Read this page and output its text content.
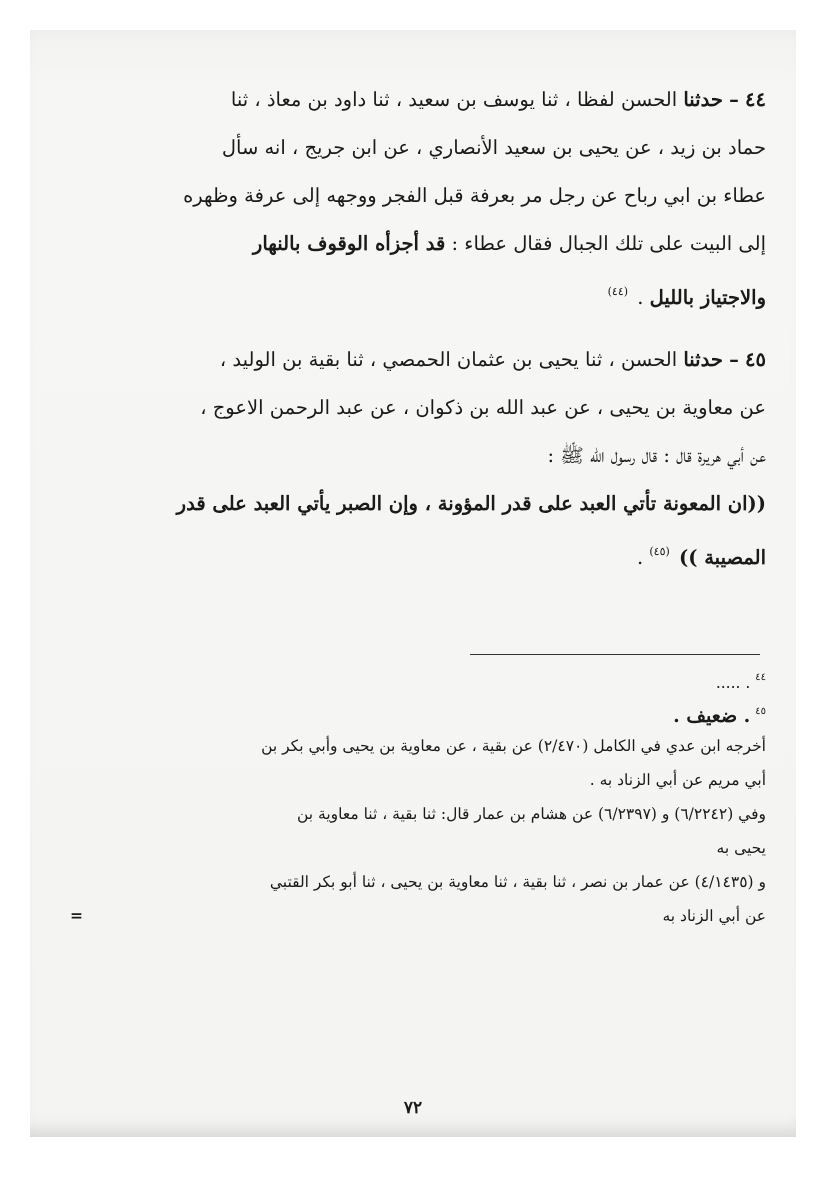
٤٤ – حدثنا الحسن لفظا ، ثنا يوسف بن سعيد ، ثنا داود بن معاذ ، ثنا
حماد بن زيد ، عن يحيى بن سعيد الأنصاري ، عن ابن جريج ، انه سأل
عطاء بن ابي رباح عن رجل مر بعرفة قبل الفجر ووجهه إلى عرفة وظهره
إلى البيت على تلك الجبال فقال عطاء : قد أجزأه الوقوف بالنهار
والاجتياز بالليل . $^{(٤٤)}$
٤٥ – حدثنا الحسن ، ثنا يحيى بن عثمان الحمصي ، ثنا بقية بن الوليد ،
عن معاوية بن يحيى ، عن عبد الله بن ذكوان ، عن عبد الرحمن الاعوج ،
عن أبي هريرة قال : قال رسول الله ﷺ :
((ان المعونة تأتي العبد على قدر المؤونة ، وإن الصبر يأتي العبد على قدر
المصيبة )) $^{(٤٥)}$ .
$^{٤٤}$ . .....
$^{٤٥}$ . ضعيف .
أخرجه ابن عدي في الكامل (٢/٤٧٠) عن بقية ، عن معاوية بن يحيى وأبي بكر بن
أبي مريم عن أبي الزناد به .
وفي (٦/٢٢٤٢) و (٦/٢٣٩٧) عن هشام بن عمار قال: ثنا بقية ، ثنا معاوية بن
يحيى به
و (٤/١٤٣٥) عن عمار بن نصر ، ثنا بقية ، ثنا معاوية بن يحيى ، ثنا أبو بكر القتبي
عن أبي الزناد به
=
٧٢
